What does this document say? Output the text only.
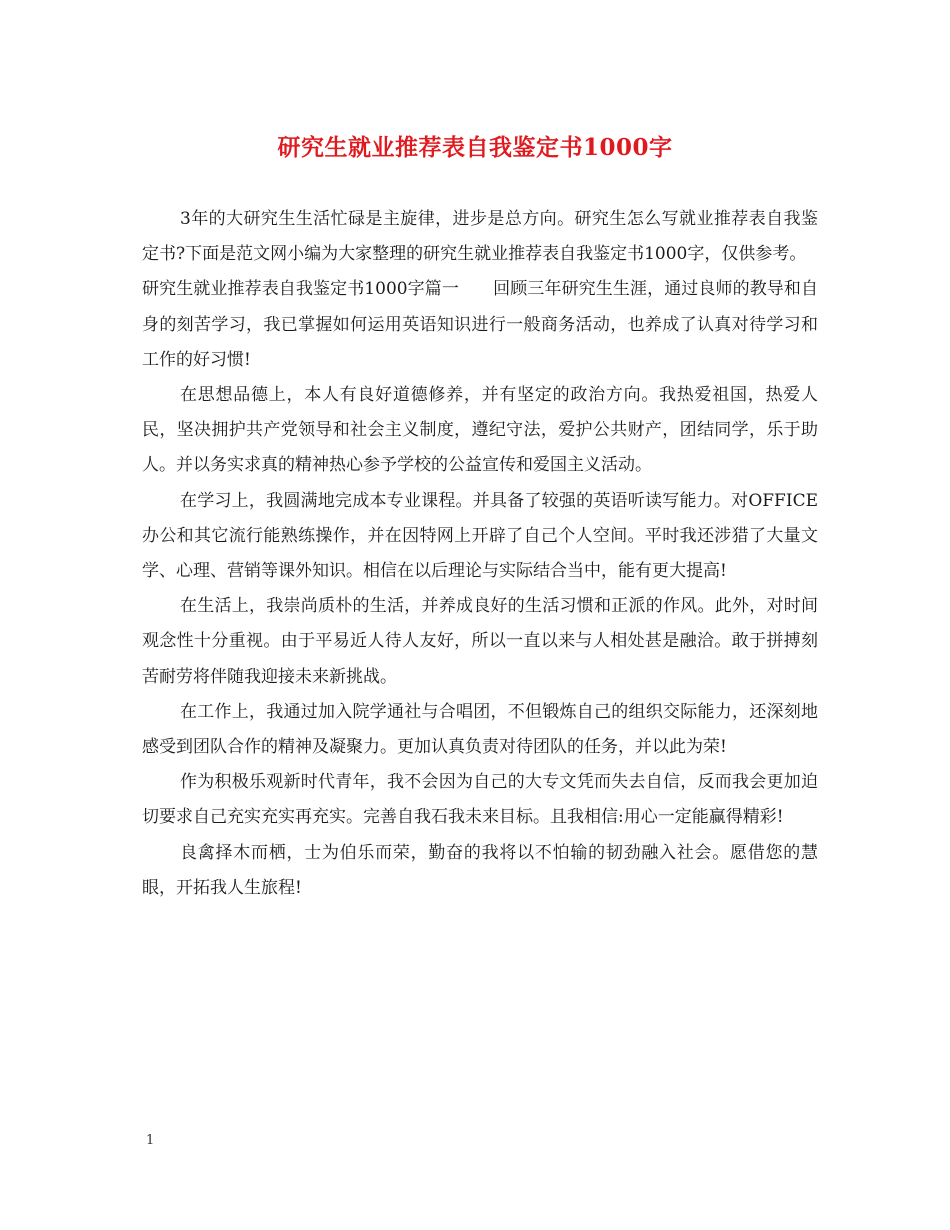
研究生就业推荐表自我鉴定书1000字

3年的大研究生生活忙碌是主旋律，进步是总方向。研究生怎么写就业推荐表自我鉴定书?下面是范文网小编为大家整理的研究生就业推荐表自我鉴定书1000字，仅供参考。

研究生就业推荐表自我鉴定书1000字篇一　　回顾三年研究生生涯，通过良师的教导和自身的刻苦学习，我已掌握如何运用英语知识进行一般商务活动，也养成了认真对待学习和工作的好习惯!

在思想品德上，本人有良好道德修养，并有坚定的政治方向。我热爱祖国，热爱人民，坚决拥护共产党领导和社会主义制度，遵纪守法，爱护公共财产，团结同学，乐于助人。并以务实求真的精神热心参予学校的公益宣传和爱国主义活动。

在学习上，我圆满地完成本专业课程。并具备了较强的英语听读写能力。对OFFICE办公和其它流行能熟练操作，并在因特网上开辟了自己个人空间。平时我还涉猎了大量文学、心理、营销等课外知识。相信在以后理论与实际结合当中，能有更大提高!

在生活上，我崇尚质朴的生活，并养成良好的生活习惯和正派的作风。此外，对时间观念性十分重视。由于平易近人待人友好，所以一直以来与人相处甚是融洽。敢于拼搏刻苦耐劳将伴随我迎接未来新挑战。

在工作上，我通过加入院学通社与合唱团，不但锻炼自己的组织交际能力，还深刻地感受到团队合作的精神及凝聚力。更加认真负责对待团队的任务，并以此为荣!

作为积极乐观新时代青年，我不会因为自己的大专文凭而失去自信，反而我会更加迫切要求自己充实充实再充实。完善自我石我未来目标。且我相信:用心一定能赢得精彩!

良禽择木而栖，士为伯乐而荣，勤奋的我将以不怕输的韧劲融入社会。愿借您的慧眼，开拓我人生旅程!

1
